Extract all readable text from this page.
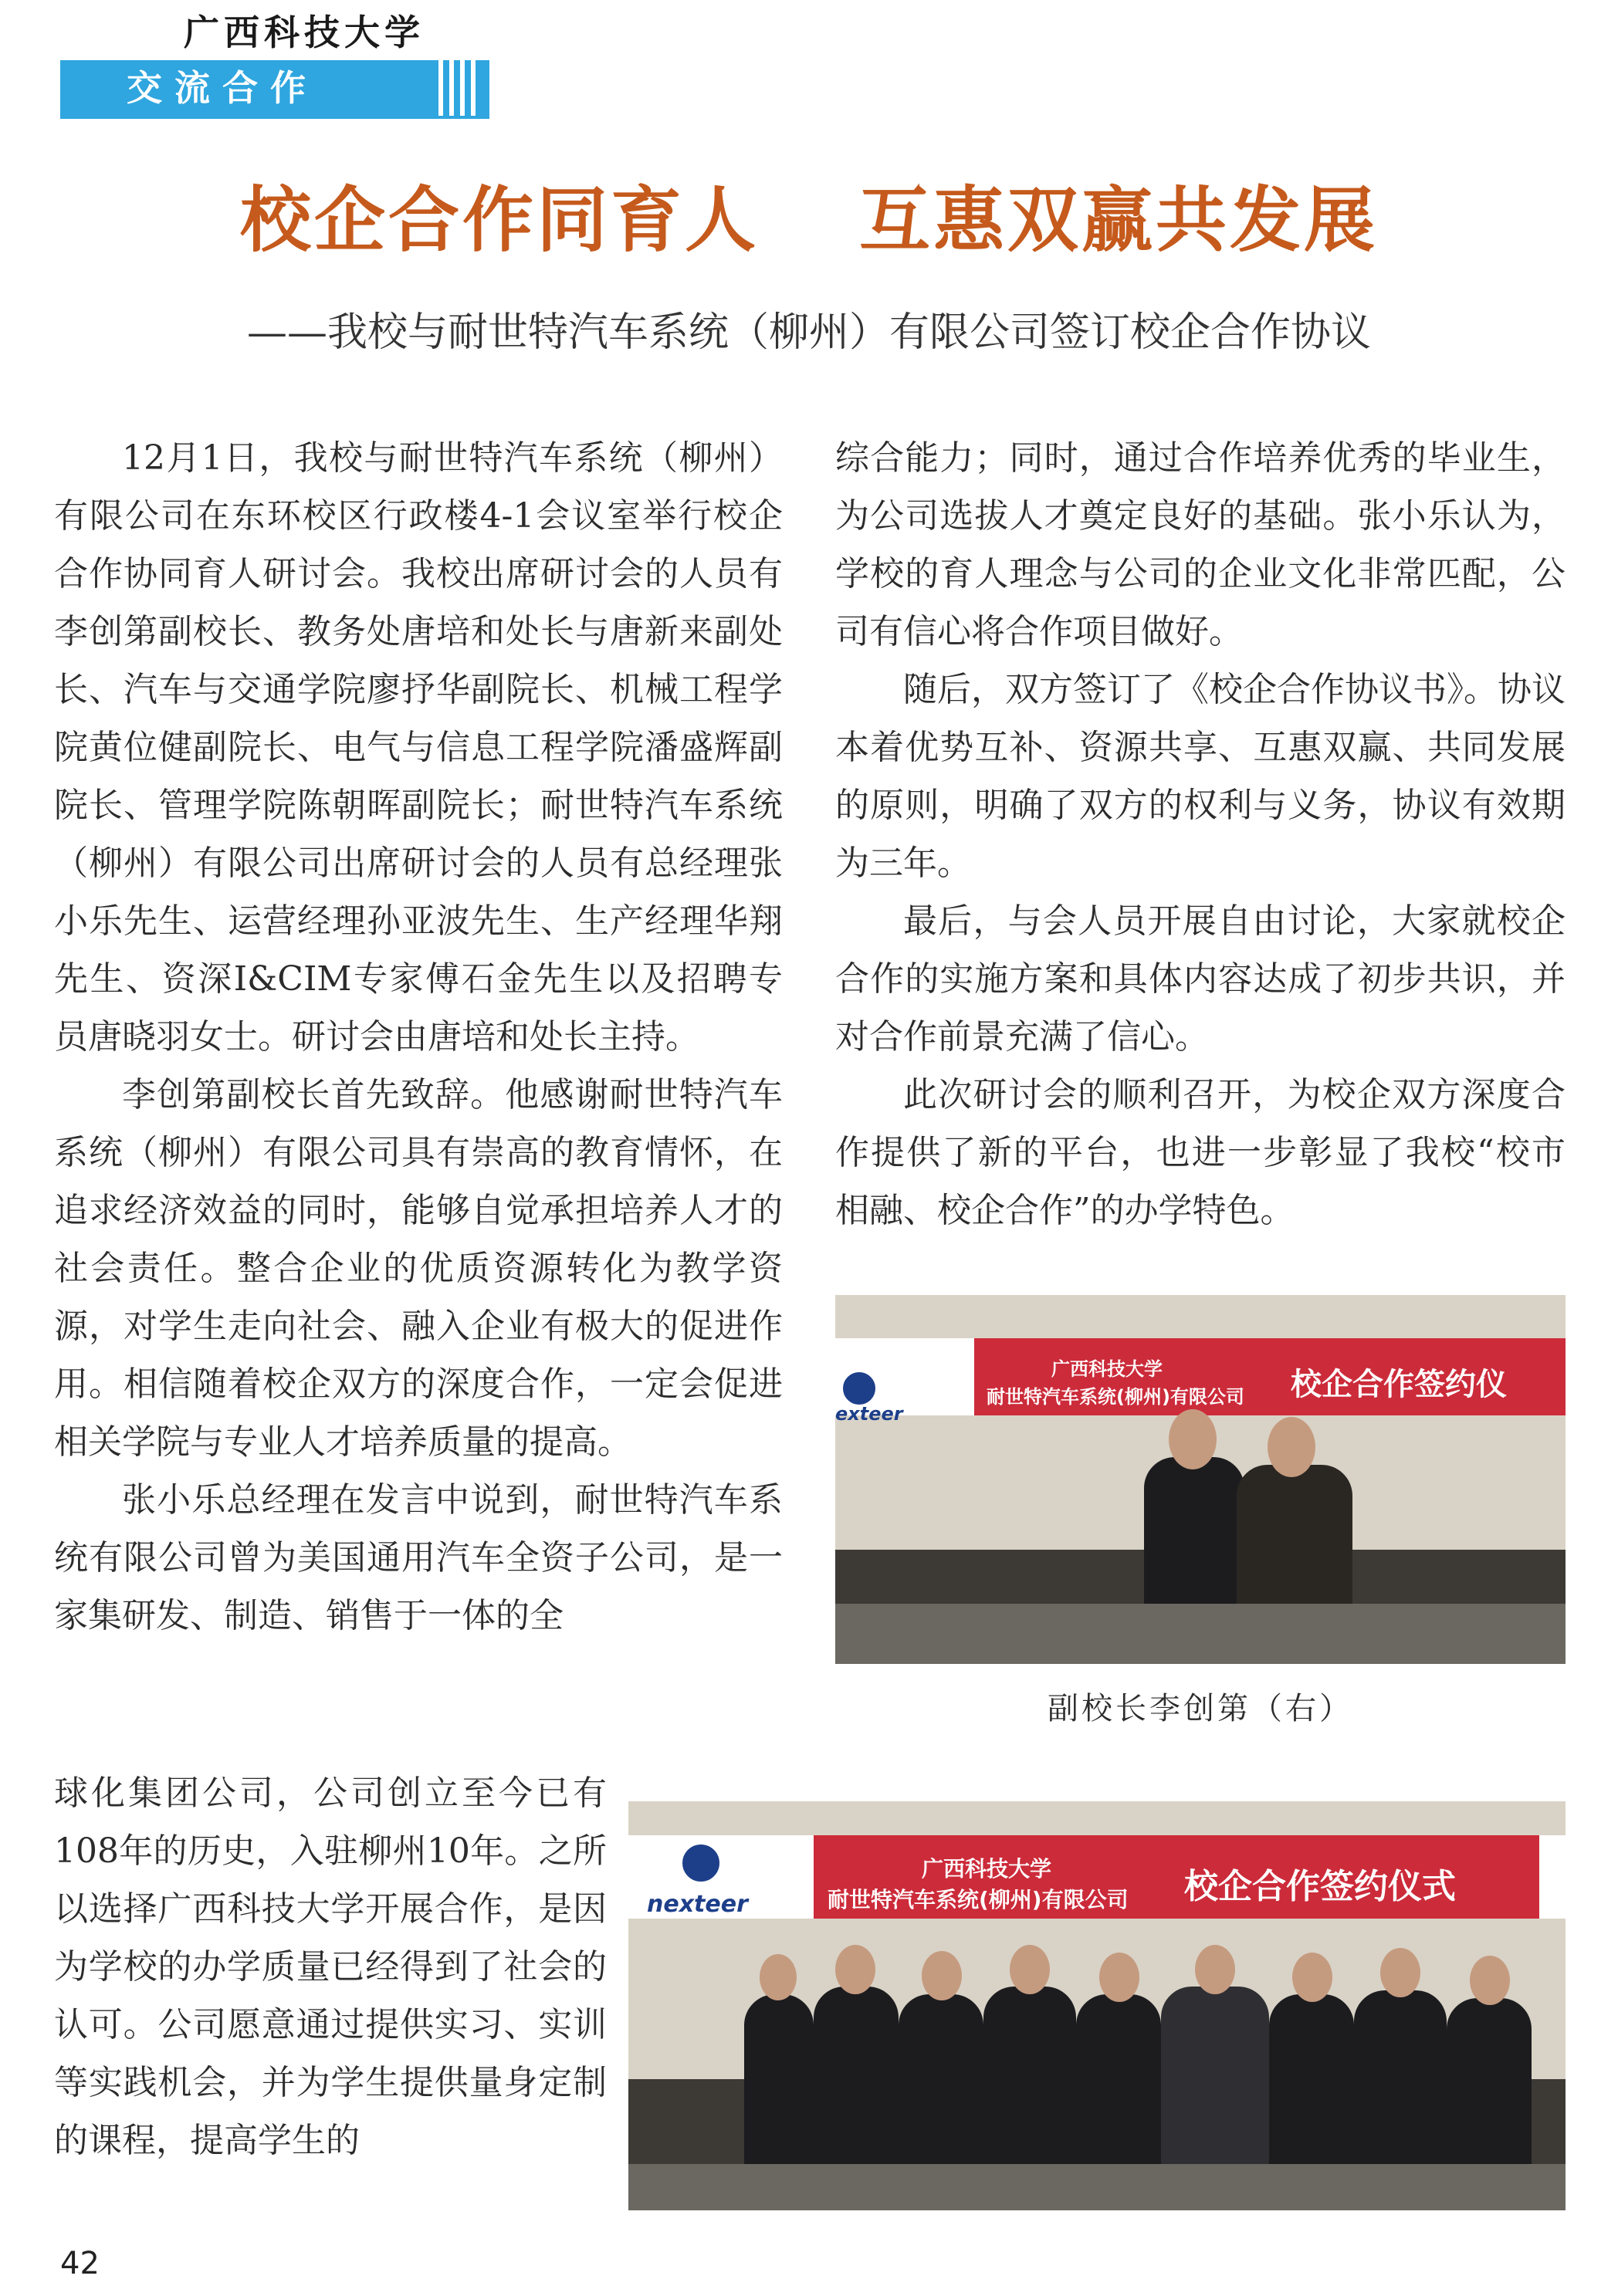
广西科技大学
交流合作
校企合作同育人 互惠双赢共发展
——我校与耐世特汽车系统（柳州）有限公司签订校企合作协议

12月1日，我校与耐世特汽车系统（柳州）有限公司在东环校区行政楼4-1会议室举行校企合作协同育人研讨会。我校出席研讨会的人员有李创第副校长、教务处唐培和处长与唐新来副处长、汽车与交通学院廖抒华副院长、机械工程学院黄位健副院长、电气与信息工程学院潘盛辉副院长、管理学院陈朝晖副院长；耐世特汽车系统（柳州）有限公司出席研讨会的人员有总经理张小乐先生、运营经理孙亚波先生、生产经理华翔先生、资深I&CIM专家傅石金先生以及招聘专员唐晓羽女士。研讨会由唐培和处长主持。

李创第副校长首先致辞。他感谢耐世特汽车系统（柳州）有限公司具有崇高的教育情怀，在追求经济效益的同时，能够自觉承担培养人才的社会责任。整合企业的优质资源转化为教学资源，对学生走向社会、融入企业有极大的促进作用。相信随着校企双方的深度合作，一定会促进相关学院与专业人才培养质量的提高。

张小乐总经理在发言中说到，耐世特汽车系统有限公司曾为美国通用汽车全资子公司，是一家集研发、制造、销售于一体的全

球化集团公司，公司创立至今已有108年的历史，入驻柳州10年。之所以选择广西科技大学开展合作，是因为学校的办学质量已经得到了社会的认可。公司愿意通过提供实习、实训等实践机会，并为学生提供量身定制的课程，提高学生的

综合能力；同时，通过合作培养优秀的毕业生，为公司选拔人才奠定良好的基础。张小乐认为，学校的育人理念与公司的企业文化非常匹配，公司有信心将合作项目做好。

随后，双方签订了《校企合作协议书》。协议本着优势互补、资源共享、互惠双赢、共同发展的原则，明确了双方的权利与义务，协议有效期为三年。

最后，与会人员开展自由讨论，大家就校企合作的实施方案和具体内容达成了初步共识，并对合作前景充满了信心。

此次研讨会的顺利召开，为校企双方深度合作提供了新的平台，也进一步彰显了我校“校市相融、校企合作”的办学特色。

exteer
广西科技大学
耐世特汽车系统(柳州)有限公司 校企合作签约仪
副校长李创第（右）
nexteer
广西科技大学
耐世特汽车系统(柳州)有限公司 校企合作签约仪式
42
